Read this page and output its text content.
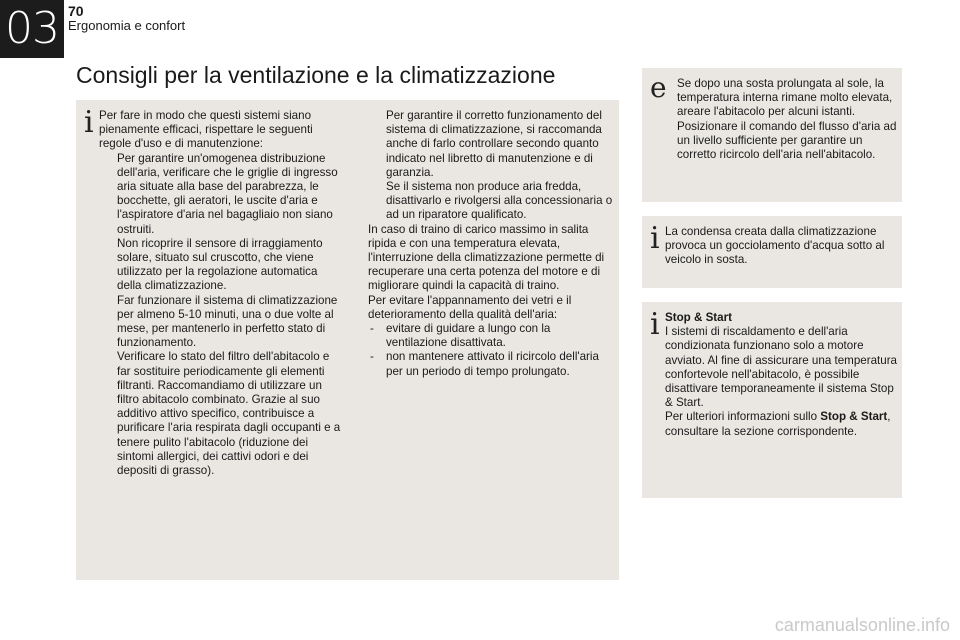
03 70
Ergonomia e confort
Consigli per la ventilazione e la climatizzazione
i Per fare in modo che questi sistemi siano pienamente efficaci, rispettare le seguenti regole d'uso e di manutenzione:

Per garantire un'omogenea distribuzione dell'aria, verificare che le griglie di ingresso aria situate alla base del parabrezza, le bocchette, gli aeratori, le uscite d'aria e l'aspiratore d'aria nel bagagliaio non siano ostruiti.
Non ricoprire il sensore di irraggiamento solare, situato sul cruscotto, che viene utilizzato per la regolazione automatica della climatizzazione.
Far funzionare il sistema di climatizzazione per almeno 5-10 minuti, una o due volte al mese, per mantenerlo in perfetto stato di funzionamento.
Verificare lo stato del filtro dell'abitacolo e far sostituire periodicamente gli elementi filtranti. Raccomandiamo di utilizzare un filtro abitacolo combinato. Grazie al suo additivo attivo specifico, contribuisce a purificare l'aria respirata dagli occupanti e a tenere pulito l'abitacolo (riduzione dei sintomi allergici, dei cattivi odori e dei depositi di grasso).
Per garantire il corretto funzionamento del sistema di climatizzazione, si raccomanda anche di farlo controllare secondo quanto indicato nel libretto di manutenzione e di garanzia.
Se il sistema non produce aria fredda, disattivarlo e rivolgersi alla concessionaria o ad un riparatore qualificato.

In caso di traino di carico massimo in salita ripida e con una temperatura elevata, l'interruzione della climatizzazione permette di recuperare una certa potenza del motore e di migliorare quindi la capacità di traino.

Per evitare l'appannamento dei vetri e il deterioramento della qualità dell'aria:

- evitare di guidare a lungo con la ventilazione disattivata.
- non mantenere attivato il ricircolo dell'aria per un periodo di tempo prolungato.
e Se dopo una sosta prolungata al sole, la temperatura interna rimane molto elevata, areare l'abitacolo per alcuni istanti. Posizionare il comando del flusso d'aria ad un livello sufficiente per garantire un corretto ricircolo dell'aria nell'abitacolo.

i La condensa creata dalla climatizzazione provoca un gocciolamento d'acqua sotto al veicolo in sosta.

i Stop & Start

I sistemi di riscaldamento e dell'aria condizionata funzionano solo a motore avviato. Al fine di assicurare una temperatura confortevole nell'abitacolo, è possibile disattivare temporaneamente il sistema Stop & Start.

Per ulteriori informazioni sullo Stop & Start, consultare la sezione corrispondente.

carmanualsonline.info
